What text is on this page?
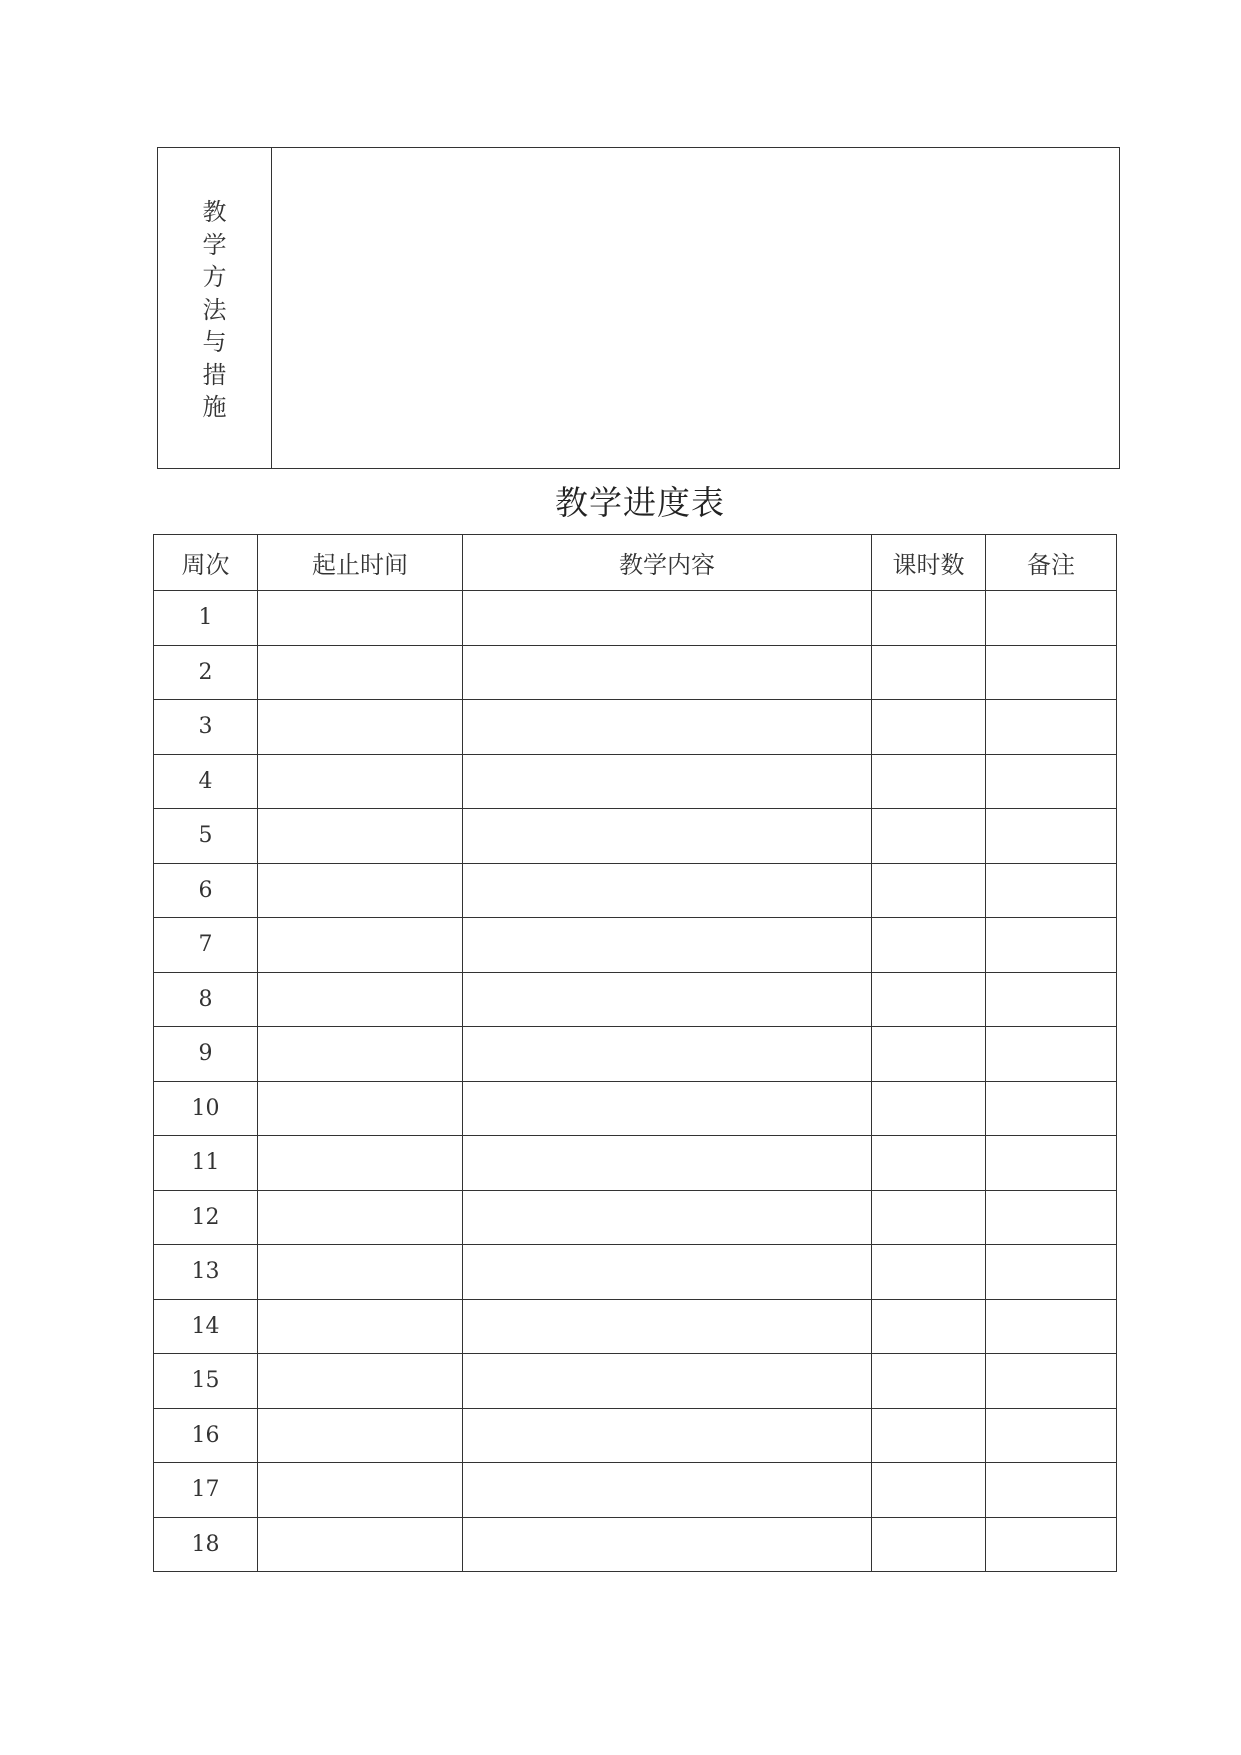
教
学
方
法
与
措
施
教学进度表
周次	起止时间	教学内容	课时数	备注
1				
2				
3				
4				
5				
6				
7				
8				
9				
10				
11				
12				
13				
14				
15				
16				
17				
18				
